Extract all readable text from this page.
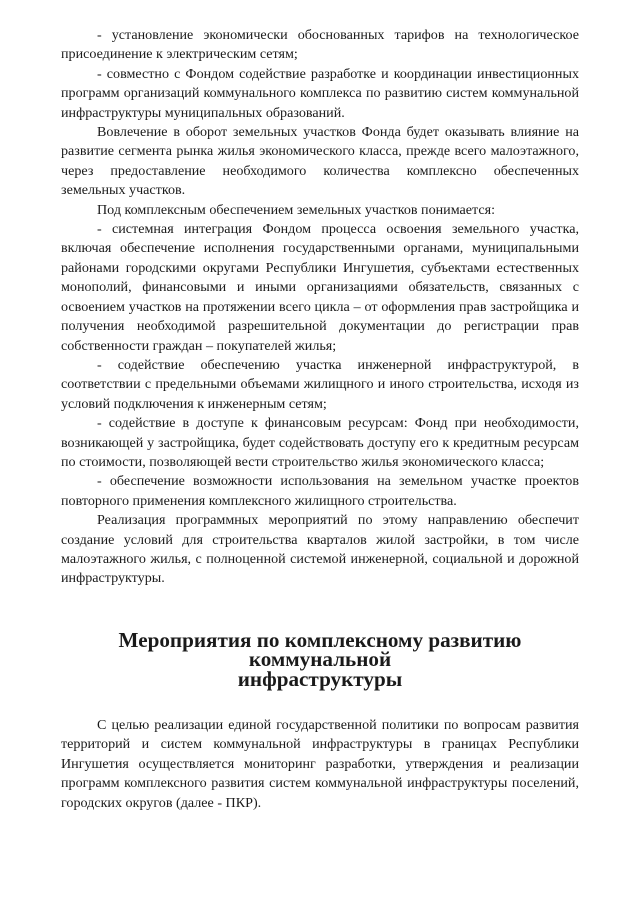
- установление экономически обоснованных тарифов на технологическое присоединение к электрическим сетям;

- совместно с Фондом содействие разработке и координации инвестиционных программ организаций коммунального комплекса по развитию систем коммунальной инфраструктуры муниципальных образований.

Вовлечение в оборот земельных участков Фонда будет оказывать влияние на развитие сегмента рынка жилья экономического класса, прежде всего малоэтажного, через предоставление необходимого количества комплексно обеспеченных земельных участков.

Под комплексным обеспечением земельных участков понимается:

- системная интеграция Фондом процесса освоения земельного участка, включая обеспечение исполнения государственными органами, муниципальными районами городскими округами Республики Ингушетия, субъектами естественных монополий, финансовыми и иными организациями обязательств, связанных с освоением участков на протяжении всего цикла – от оформления прав застройщика и получения необходимой разрешительной документации до регистрации прав собственности граждан – покупателей жилья;

- содействие обеспечению участка инженерной инфраструктурой, в соответствии с предельными объемами жилищного и иного строительства, исходя из условий подключения к инженерным сетям;

- содействие в доступе к финансовым ресурсам: Фонд при необходимости, возникающей у застройщика, будет содействовать доступу его к кредитным ресурсам по стоимости, позволяющей вести строительство жилья экономического класса;

- обеспечение возможности использования на земельном участке проектов повторного применения комплексного жилищного строительства.

Реализация программных мероприятий по этому направлению обеспечит создание условий для строительства кварталов жилой застройки, в том числе малоэтажного жилья, с полноценной системой инженерной, социальной и дорожной инфраструктуры.

Мероприятия по комплексному развитию коммунальной
инфраструктуры

С целью реализации единой государственной политики по вопросам развития территорий и систем коммунальной инфраструктуры в границах Республики Ингушетия осуществляется мониторинг разработки, утверждения и реализации программ комплексного развития систем коммунальной инфраструктуры поселений, городских округов (далее - ПКР).
